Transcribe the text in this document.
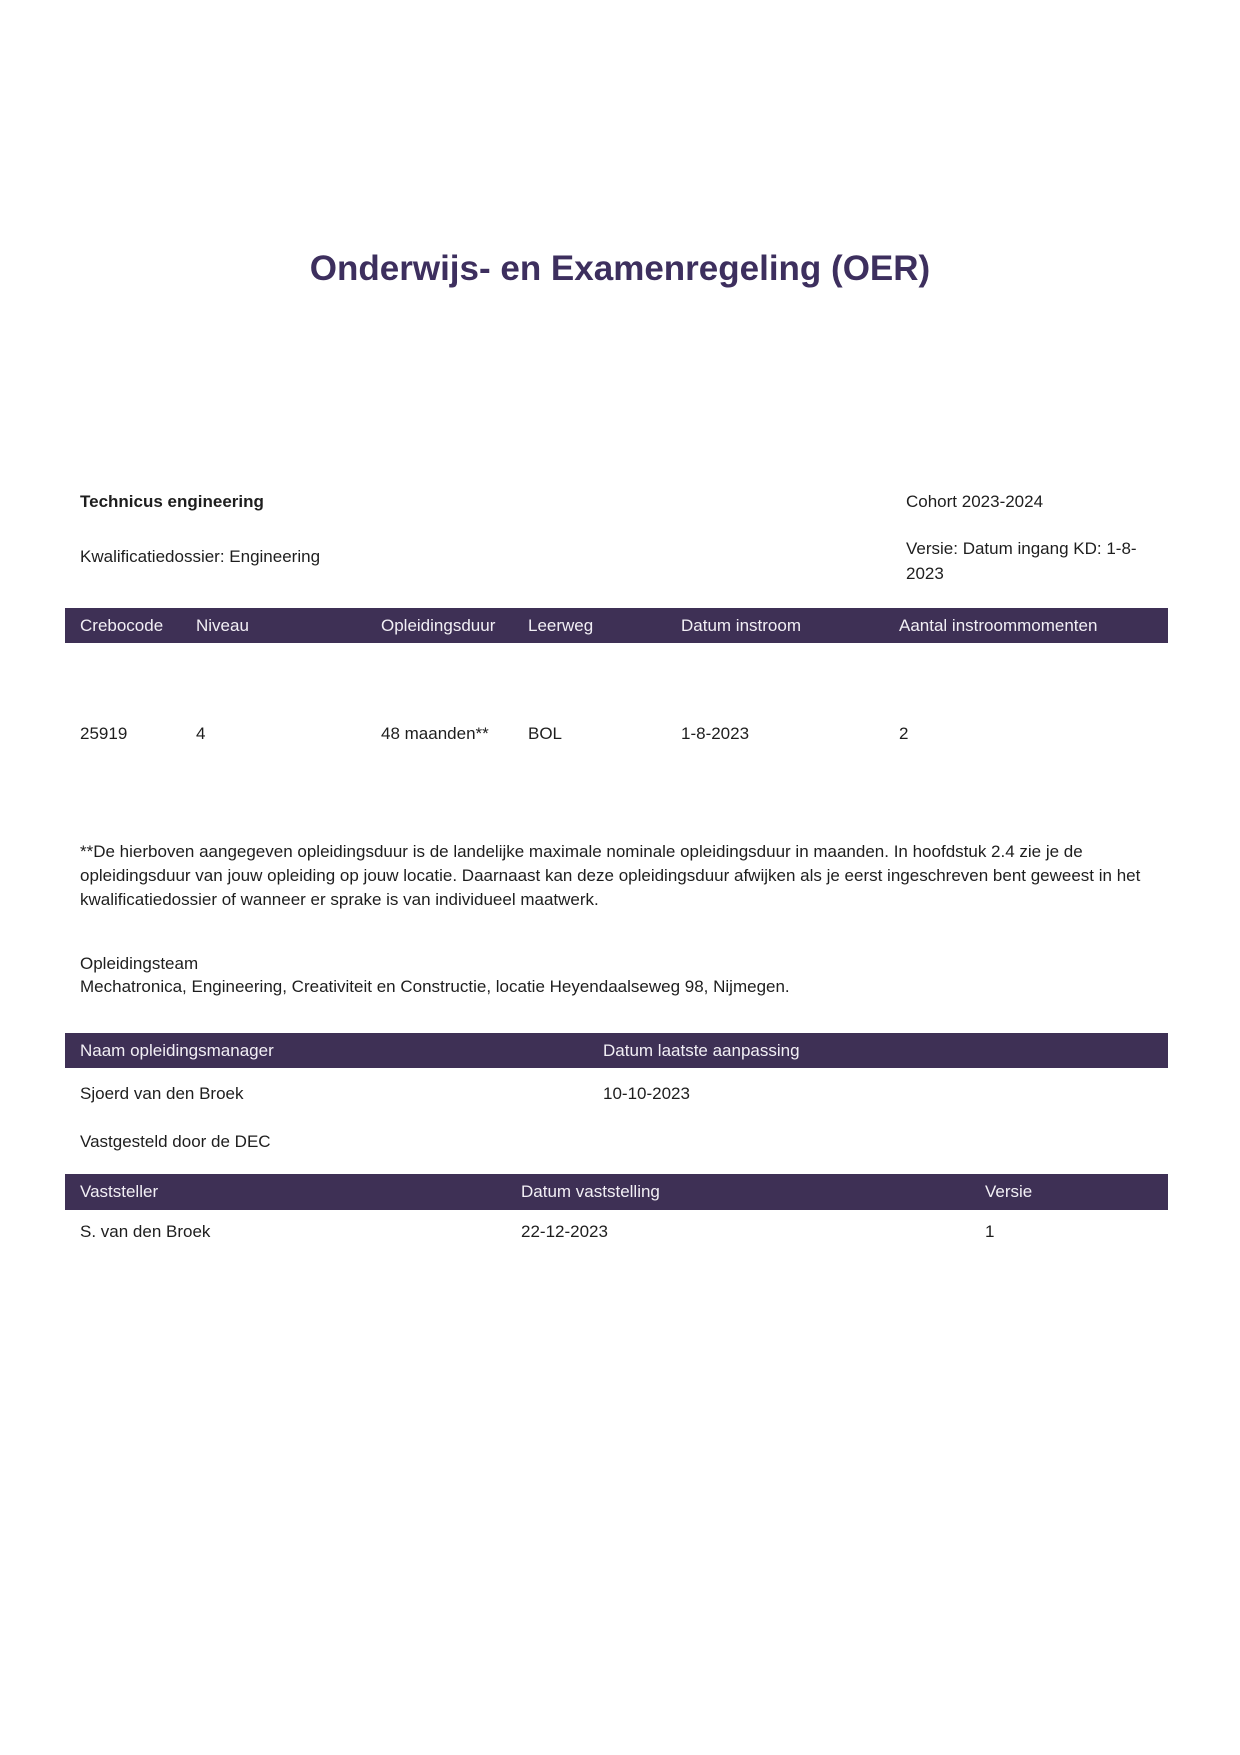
Onderwijs- en Examenregeling (OER)
Technicus engineering	Cohort 2023-2024
Kwalificatiedossier: Engineering	Versie: Datum ingang KD: 1-8-2023
Crebocode	Niveau	Opleidingsduur	Leerweg	Datum instroom	Aantal instroommomenten
25919	4	48 maanden**	BOL	1-8-2023	2

**De hierboven aangegeven opleidingsduur is de landelijke maximale nominale opleidingsduur in maanden. In hoofdstuk 2.4 zie je de opleidingsduur van jouw opleiding op jouw locatie. Daarnaast kan deze opleidingsduur afwijken als je eerst ingeschreven bent geweest in het kwalificatiedossier of wanneer er sprake is van individueel maatwerk.

Opleidingsteam
Mechatronica, Engineering, Creativiteit en Constructie, locatie Heyendaalseweg 98, Nijmegen.
Naam opleidingsmanager	Datum laatste aanpassing
Sjoerd van den Broek	10-10-2023
Vastgesteld door de DEC
Vaststeller	Datum vaststelling	Versie
S. van den Broek	22-12-2023	1
